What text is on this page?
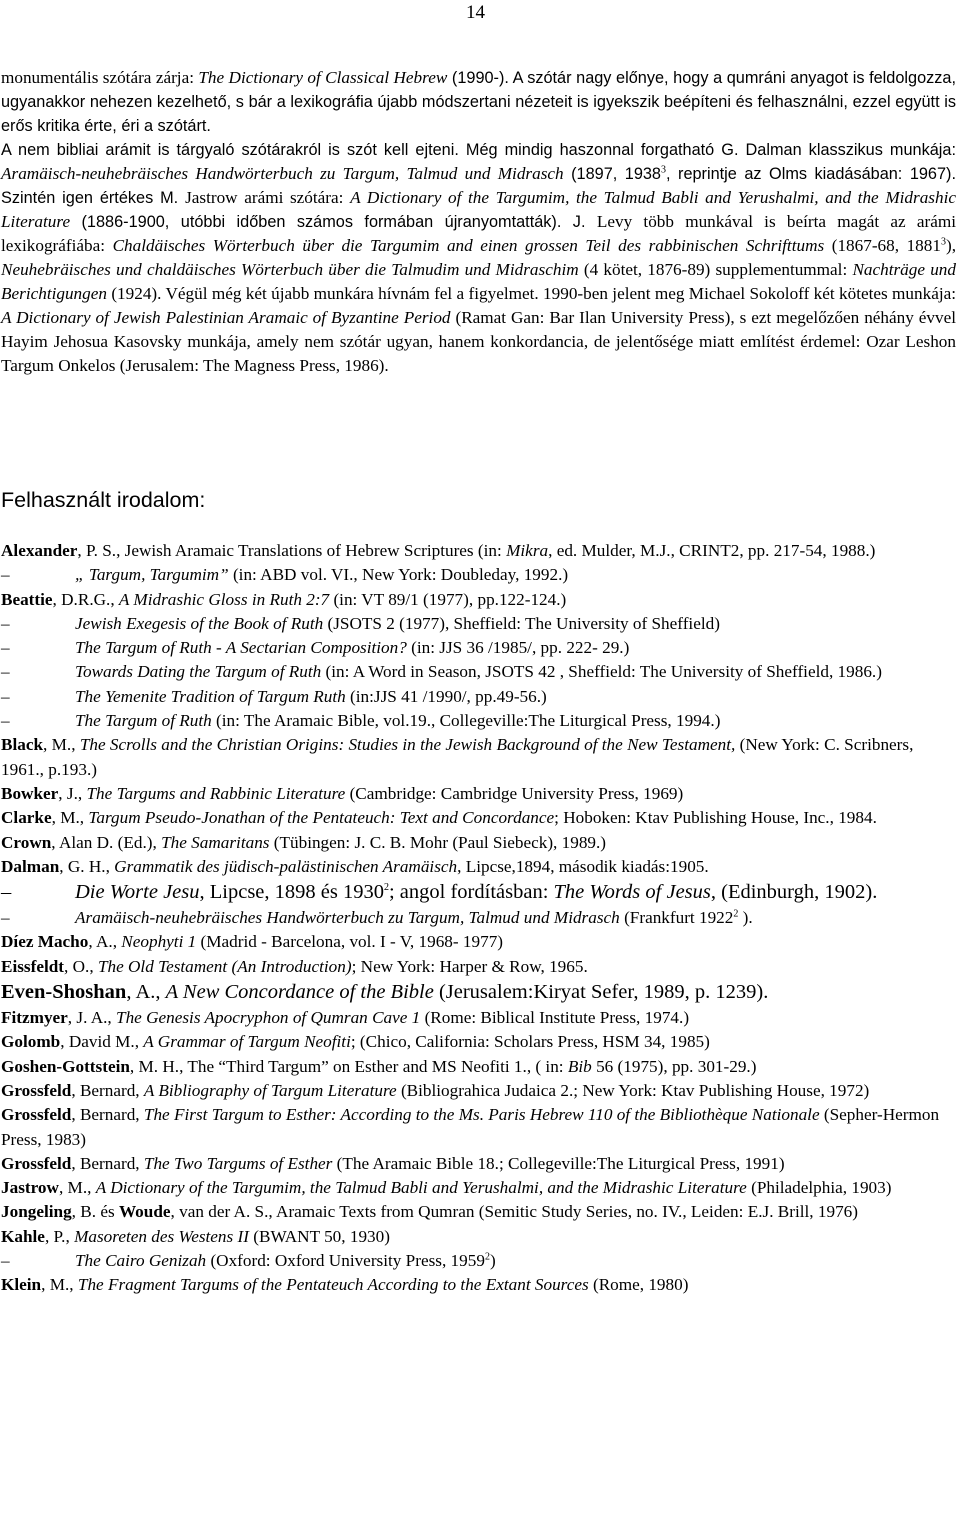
14

monumentális szótára zárja: The Dictionary of Classical Hebrew (1990-). A szótár nagy előnye, hogy a qumráni anyagot is feldolgozza, ugyanakkor nehezen kezelhető, s bár a lexikográfia újabb módszertani nézeteit is igyekszik beépíteni és felhasználni, ezzel együtt is erős kritika érte, éri a szótárt.

A nem bibliai arámit is tárgyaló szótárakról is szót kell ejteni. Még mindig haszonnal forgatható G. Dalman klasszikus munkája: Aramäisch-neuhebräisches Handwörterbuch zu Targum, Talmud und Midrasch (1897, 1938$^3$, reprintje az Olms kiadásában: 1967). Szintén igen értékes M. Jastrow arámi szótára: A Dictionary of the Targumim, the Talmud Babli and Yerushalmi, and the Midrashic Literature (1886-1900, utóbbi időben számos formában újranyomtatták). J. Levy több munkával is beírta magát az arámi lexikográfiába: Chaldäisches Wörterbuch über die Targumim and einen grossen Teil des rabbinischen Schrifttums (1867-68, 1881$^3$), Neuhebräisches und chaldäisches Wörterbuch über die Talmudim und Midraschim (4 kötet, 1876-89) supplementummal: Nachträge und Berichtigungen (1924). Végül még két újabb munkára hívnám fel a figyelmet. 1990-ben jelent meg Michael Sokoloff két kötetes munkája: A Dictionary of Jewish Palestinian Aramaic of Byzantine Period (Ramat Gan: Bar Ilan University Press), s ezt megelőzően néhány évvel Hayim Jehosua Kasovsky munkája, amely nem szótár ugyan, hanem konkordancia, de jelentősége miatt említést érdemel: Ozar Leshon Targum Onkelos (Jerusalem: The Magness Press, 1986).

Felhasznált irodalom:
Alexander, P. S., Jewish Aramaic Translations of Hebrew Scriptures (in: Mikra, ed. Mulder, M.J., CRINT2, pp. 217-54, 1988.)
–	„ Targum, Targumim” (in: ABD vol. VI., New York: Doubleday, 1992.)
Beattie, D.R.G., A Midrashic Gloss in Ruth 2:7 (in: VT 89/1 (1977), pp.122-124.)
–	Jewish Exegesis of the Book of Ruth (JSOTS 2 (1977), Sheffield: The University of Sheffield)
–	The Targum of Ruth - A Sectarian Composition? (in: JJS 36 /1985/, pp. 222- 29.)
–	Towards Dating the Targum of Ruth (in: A Word in Season, JSOTS 42 , Sheffield: The University of Sheffield, 1986.)
–	The Yemenite Tradition of Targum Ruth (in:JJS 41 /1990/, pp.49-56.)
–	The Targum of Ruth (in: The Aramaic Bible, vol.19., Collegeville:The Liturgical Press, 1994.)
Black, M., The Scrolls and the Christian Origins: Studies in the Jewish Background of the New Testament, (New York: C. Scribners, 1961., p.193.)
Bowker, J., The Targums and Rabbinic Literature (Cambridge: Cambridge University Press, 1969)
Clarke, M., Targum Pseudo-Jonathan of the Pentateuch: Text and Concordance; Hoboken: Ktav Publishing House, Inc., 1984.
Crown, Alan D. (Ed.), The Samaritans (Tübingen: J. C. B. Mohr (Paul Siebeck), 1989.)
Dalman, G. H., Grammatik des jüdisch-palästinischen Aramäisch, Lipcse,1894, második kiadás:1905.
–	Die Worte Jesu, Lipcse, 1898 és 1930$^2$; angol fordításban: The Words of Jesus, (Edinburgh, 1902).
–	Aramäisch-neuhebräisches Handwörterbuch zu Targum, Talmud und Midrasch (Frankfurt 1922$^2$ ).
Díez Macho, A., Neophyti 1 (Madrid - Barcelona, vol. I - V, 1968- 1977)
Eissfeldt, O., The Old Testament (An Introduction); New York: Harper & Row, 1965.
Even-Shoshan, A., A New Concordance of the Bible (Jerusalem:Kiryat Sefer, 1989, p. 1239).
Fitzmyer, J. A., The Genesis Apocryphon of Qumran Cave 1 (Rome: Biblical Institute Press, 1974.)
Golomb, David M., A Grammar of Targum Neofiti; (Chico, California: Scholars Press, HSM 34, 1985)
Goshen-Gottstein, M. H., The “Third Targum” on Esther and MS Neofiti 1., ( in: Bib 56 (1975), pp. 301-29.)
Grossfeld, Bernard, A Bibliography of Targum Literature (Bibliograhica Judaica 2.; New York: Ktav Publishing House, 1972)
Grossfeld, Bernard, The First Targum to Esther: According to the Ms. Paris Hebrew 110 of the Bibliothèque Nationale (Sepher-Hermon Press, 1983)
Grossfeld, Bernard, The Two Targums of Esther (The Aramaic Bible 18.; Collegeville:The Liturgical Press, 1991)
Jastrow, M., A Dictionary of the Targumim, the Talmud Babli and Yerushalmi, and the Midrashic Literature (Philadelphia, 1903)
Jongeling, B. és Woude, van der A. S., Aramaic Texts from Qumran (Semitic Study Series, no. IV., Leiden: E.J. Brill, 1976)
Kahle, P., Masoreten des Westens II (BWANT 50, 1930)
–	The Cairo Genizah (Oxford: Oxford University Press, 1959$^2$)
Klein, M., The Fragment Targums of the Pentateuch According to the Extant Sources (Rome, 1980)
